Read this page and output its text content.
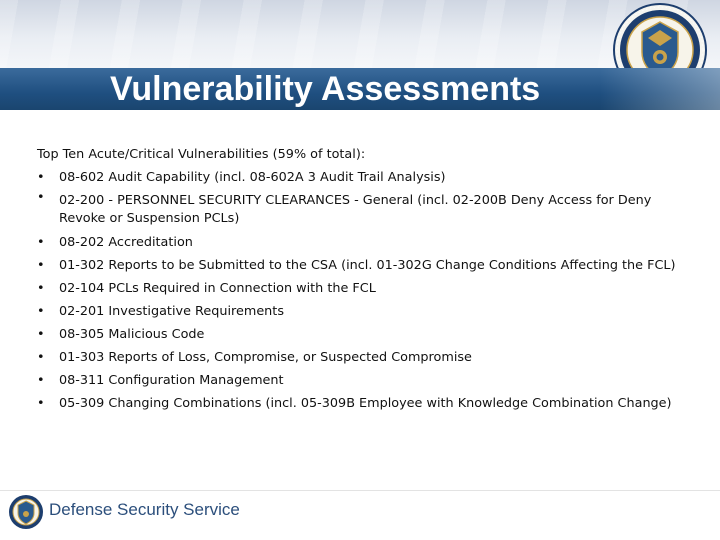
Vulnerability Assessments
Top Ten Acute/Critical Vulnerabilities (59% of total):
•	08-602 Audit Capability (incl. 08-602A 3 Audit Trail Analysis)
•	02-200 - PERSONNEL SECURITY CLEARANCES - General (incl. 02-200B Deny Access for Deny Revoke or Suspension PCLs)
•	08-202 Accreditation
•	01-302 Reports to be Submitted to the CSA (incl. 01-302G Change Conditions Affecting the FCL)
•	02-104 PCLs Required in Connection with the FCL
•	02-201 Investigative Requirements
•	08-305 Malicious Code
•	01-303 Reports of Loss, Compromise, or Suspected Compromise
•	08-311 Configuration Management
•	05-309 Changing Combinations (incl. 05-309B Employee with Knowledge Combination Change)
Defense Security Service
